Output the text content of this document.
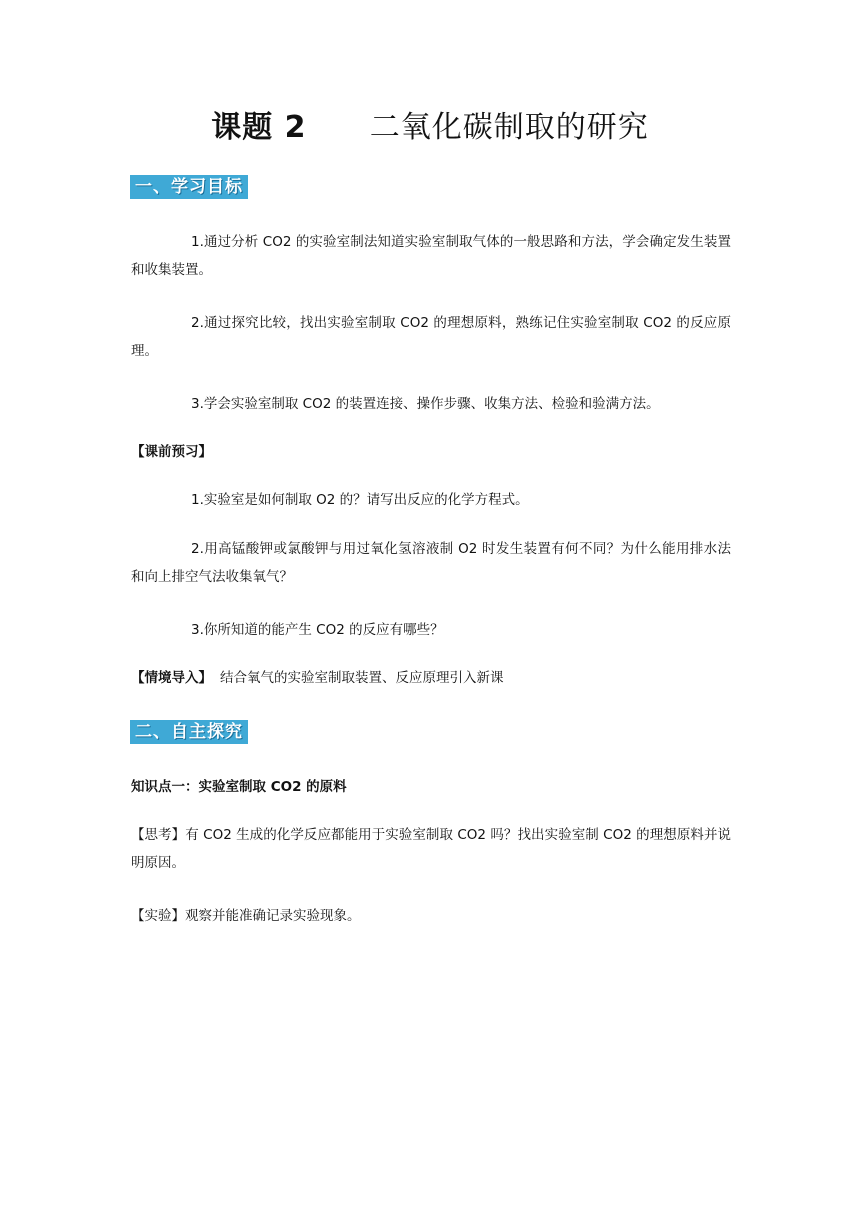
课题 2 二氧化碳制取的研究
一、学习目标

1.通过分析 CO2 的实验室制法知道实验室制取气体的一般思路和方法，学会确定发生装置和收集装置。

2.通过探究比较，找出实验室制取 CO2 的理想原料，熟练记住实验室制取 CO2 的反应原理。

3.学会实验室制取 CO2 的装置连接、操作步骤、收集方法、检验和验满方法。

【课前预习】

1.实验室是如何制取 O2 的？请写出反应的化学方程式。

2.用高锰酸钾或氯酸钾与用过氧化氢溶液制 O2 时发生装置有何不同？为什么能用排水法和向上排空气法收集氧气？

3.你所知道的能产生 CO2 的反应有哪些？

【情境导入】 结合氧气的实验室制取装置、反应原理引入新课

二、自主探究

知识点一：实验室制取 CO2 的原料

【思考】有 CO2 生成的化学反应都能用于实验室制取 CO2 吗？找出实验室制 CO2 的理想原料并说明原因。

【实验】观察并能准确记录实验现象。
